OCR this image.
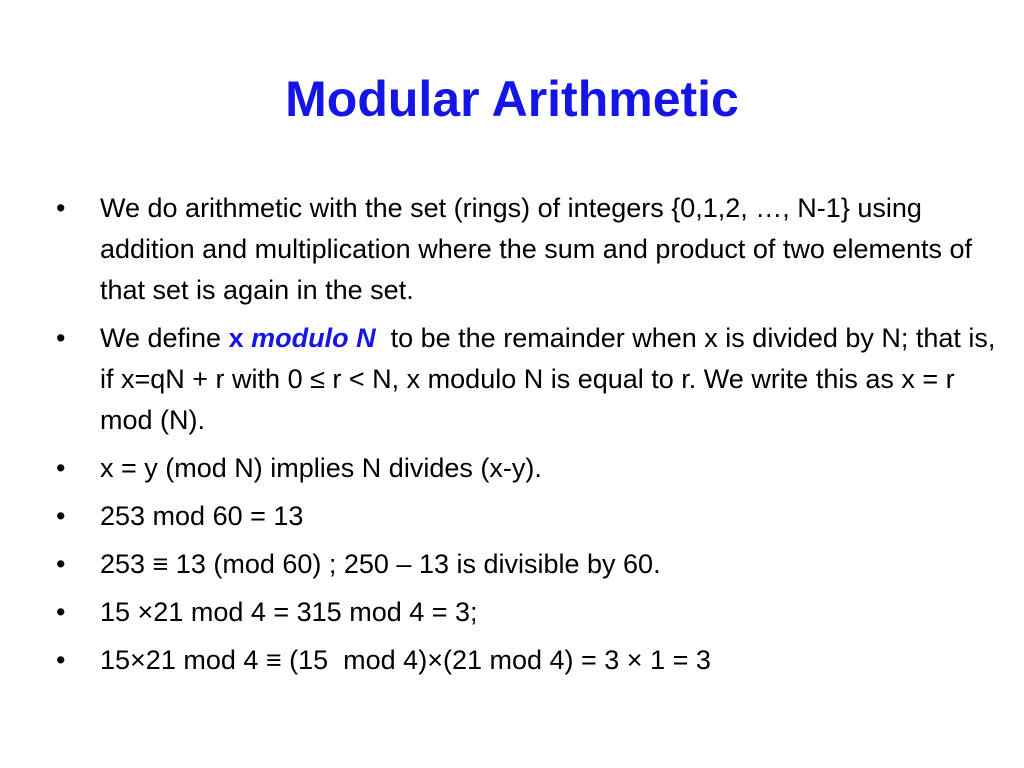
Modular Arithmetic
•	We do arithmetic with the set (rings) of integers {0,1,2, …, N-1} using addition and multiplication where the sum and product of two elements of that set is again in the set.
•	We define x modulo N  to be the remainder when x is divided by N; that is, if x=qN + r with 0 ≤ r < N, x modulo N is equal to r. We write this as x = r mod (N).
•	x = y (mod N) implies N divides (x-y).
•	253 mod 60 = 13
•	253 ≡ 13 (mod 60) ; 250 – 13 is divisible by 60.
•	15 ×21 mod 4 = 315 mod 4 = 3;
•	15×21 mod 4 ≡ (15  mod 4)×(21 mod 4) = 3 × 1 = 3
